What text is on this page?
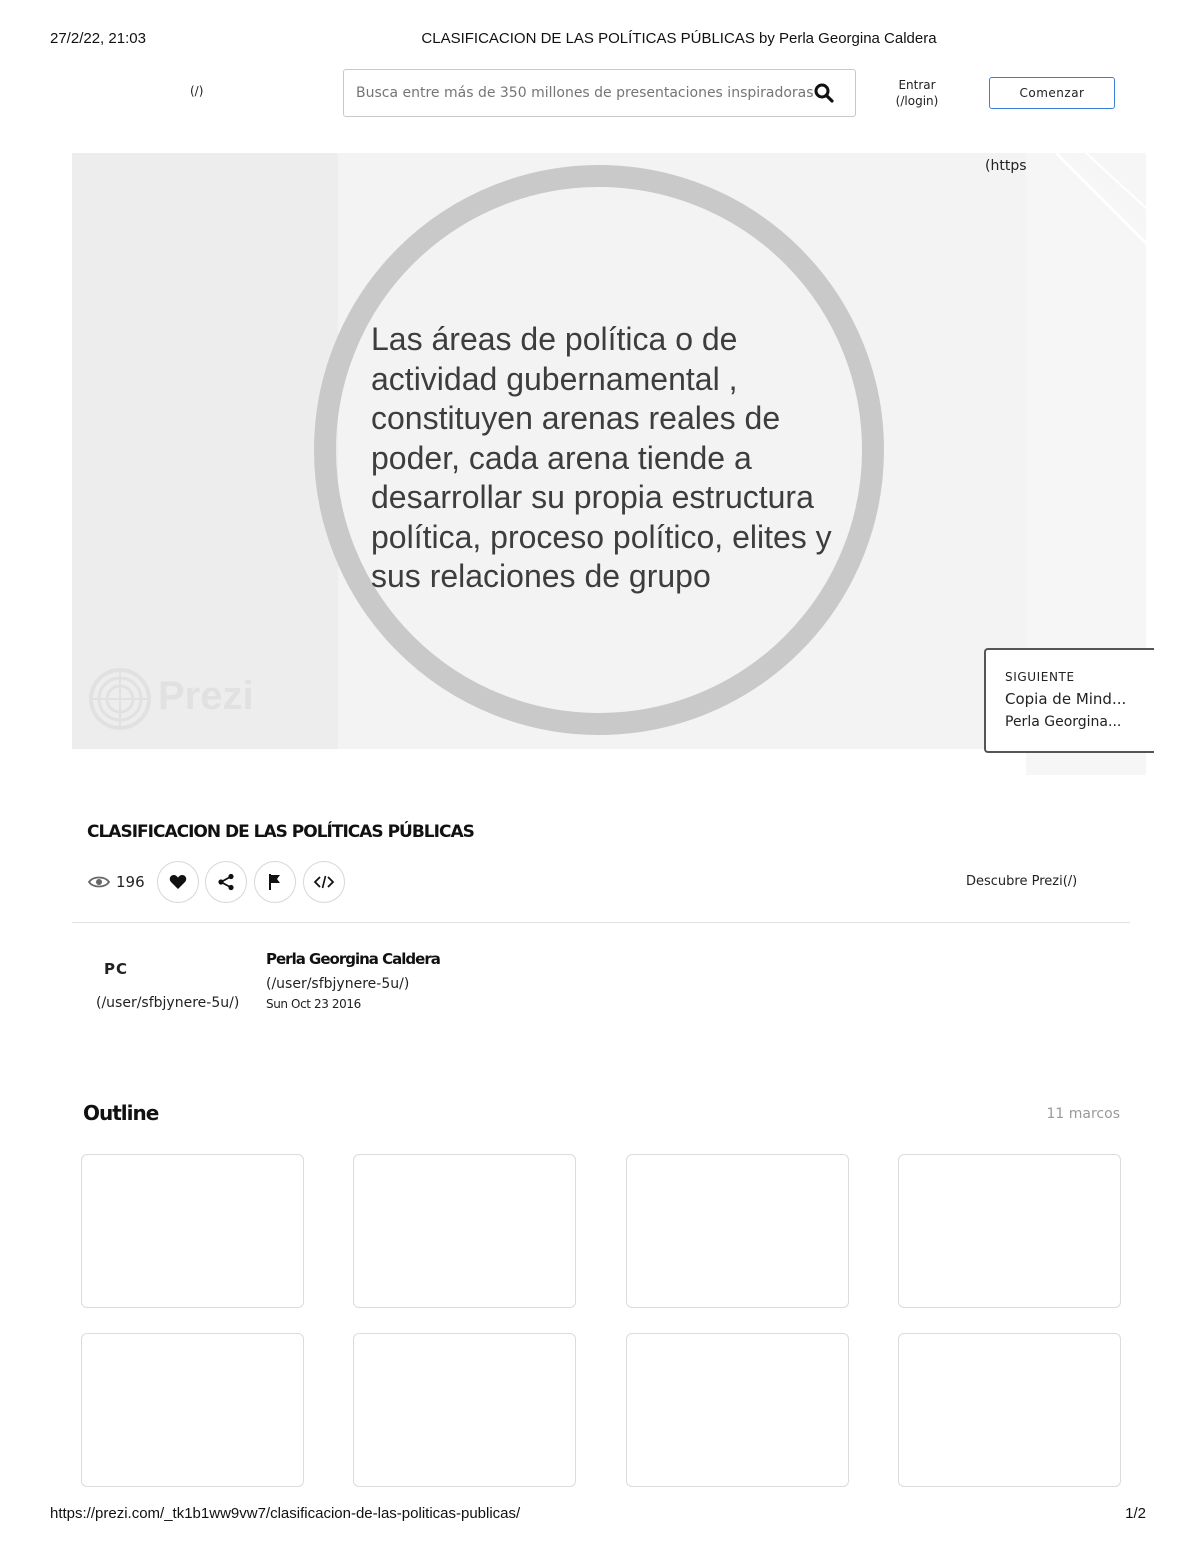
27/2/22, 21:03	CLASIFICACION DE LAS POLÍTICAS PÚBLICAS by Perla Georgina Caldera
(/)
Busca entre más de 350 millones de presentaciones inspiradoras	Entrar
(/login)
Comenzar
Las áreas de política o de actividad gubernamental , constituyen arenas reales de poder, cada arena tiende a desarrollar su propia estructura política, proceso político, elites y sus relaciones de grupo
(https
Prezi	SIGUIENTE
Copia de Mind...
Perla Georgina...
CLASIFICACION DE LAS POLÍTICAS PÚBLICAS
196	Descubre Prezi(/)
PC
(/user/sfbjynere-5u/)
Perla Georgina Caldera
(/user/sfbjynere-5u/)
Sun Oct 23 2016
Outline	11 marcos
https://prezi.com/_tk1b1ww9vw7/clasificacion-de-las-politicas-publicas/	1/2
